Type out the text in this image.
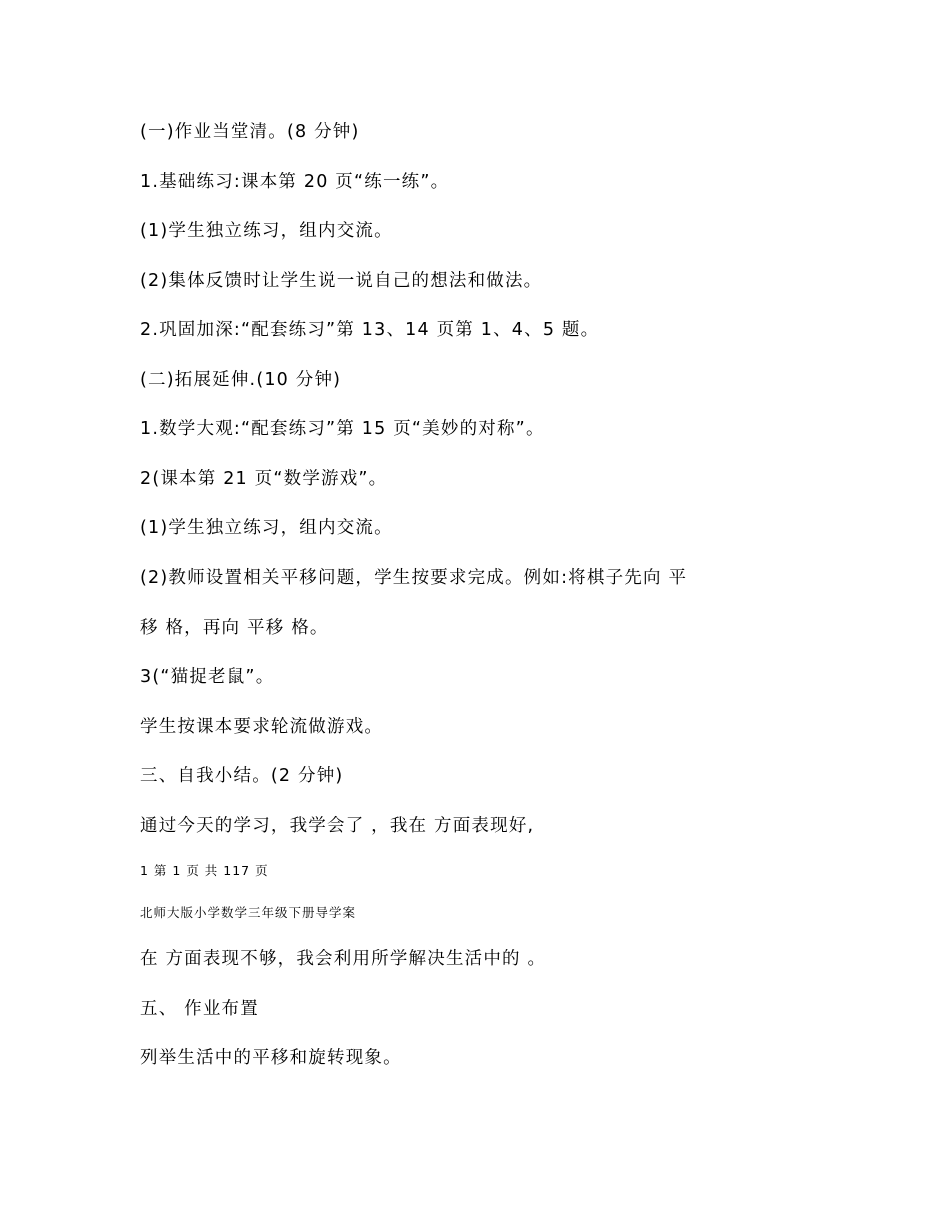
(一)作业当堂清。(8 分钟)
1.基础练习:课本第 20 页“练一练”。
(1)学生独立练习，组内交流。
(2)集体反馈时让学生说一说自己的想法和做法。
2.巩固加深:“配套练习”第 13、14 页第 1、4、5 题。
(二)拓展延伸.(10 分钟)
1.数学大观:“配套练习”第 15 页“美妙的对称”。
2(课本第 21 页“数学游戏”。
(1)学生独立练习，组内交流。
(2)教师设置相关平移问题，学生按要求完成。例如:将棋子先向 平
移 格，再向 平移 格。
3(“猫捉老鼠”。
学生按课本要求轮流做游戏。
三、自我小结。(2 分钟)
通过今天的学习，我学会了 ，我在 方面表现好,
1 第 1 页 共 117 页
北师大版小学数学三年级下册导学案
在 方面表现不够，我会利用所学解决生活中的 。
五、 作业布置
列举生活中的平移和旋转现象。
